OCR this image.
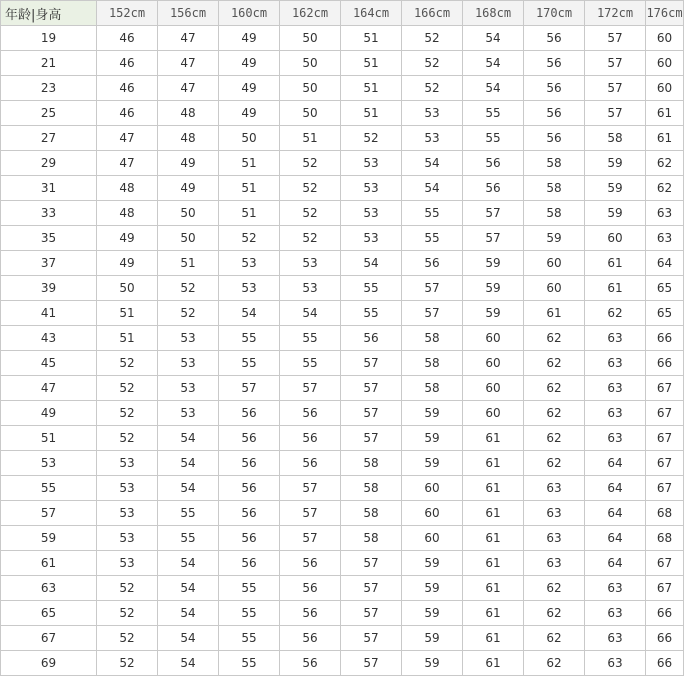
年龄|身高	152cm	156cm	160cm	162cm	164cm	166cm	168cm	170cm	172cm	176cm
19	46	47	49	50	51	52	54	56	57	60
21	46	47	49	50	51	52	54	56	57	60
23	46	47	49	50	51	52	54	56	57	60
25	46	48	49	50	51	53	55	56	57	61
27	47	48	50	51	52	53	55	56	58	61
29	47	49	51	52	53	54	56	58	59	62
31	48	49	51	52	53	54	56	58	59	62
33	48	50	51	52	53	55	57	58	59	63
35	49	50	52	52	53	55	57	59	60	63
37	49	51	53	53	54	56	59	60	61	64
39	50	52	53	53	55	57	59	60	61	65
41	51	52	54	54	55	57	59	61	62	65
43	51	53	55	55	56	58	60	62	63	66
45	52	53	55	55	57	58	60	62	63	66
47	52	53	57	57	57	58	60	62	63	67
49	52	53	56	56	57	59	60	62	63	67
51	52	54	56	56	57	59	61	62	63	67
53	53	54	56	56	58	59	61	62	64	67
55	53	54	56	57	58	60	61	63	64	67
57	53	55	56	57	58	60	61	63	64	68
59	53	55	56	57	58	60	61	63	64	68
61	53	54	56	56	57	59	61	63	64	67
63	52	54	55	56	57	59	61	62	63	67
65	52	54	55	56	57	59	61	62	63	66
67	52	54	55	56	57	59	61	62	63	66
69	52	54	55	56	57	59	61	62	63	66
